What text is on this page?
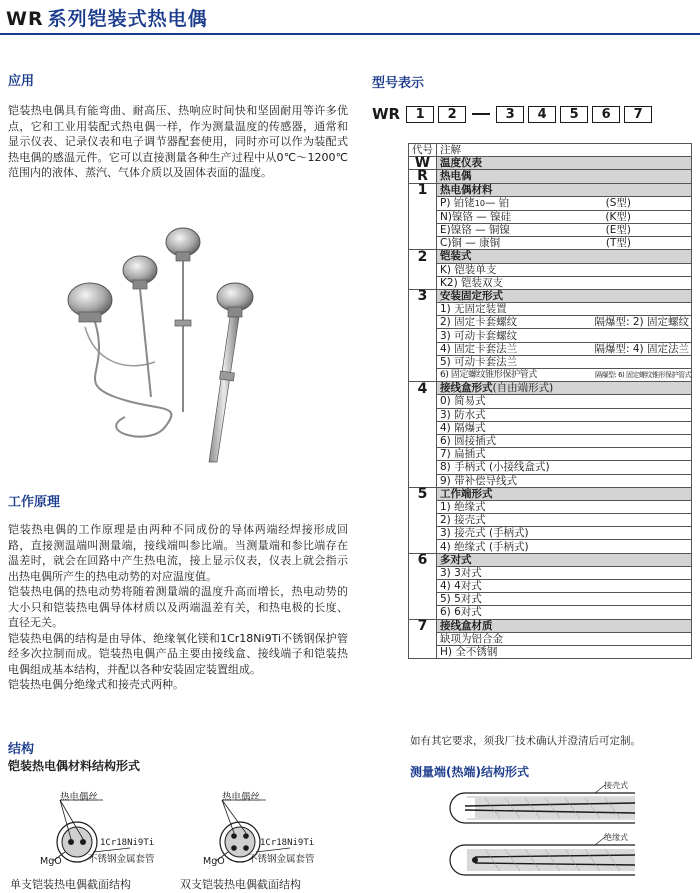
WR 系列铠装式热电偶
应用
铠装热电偶具有能弯曲、耐高压、热响应时间快和坚固耐用等许多优点，它和工业用装配式热电偶一样，作为测量温度的传感器，通常和显示仪表、记录仪表和电子调节器配套使用，同时亦可以作为装配式热电偶的感温元件。它可以直接测量各种生产过程中从0℃～1200℃范围内的液体、蒸汽、气体介质以及固体表面的温度。
工作原理

铠装热电偶的工作原理是由两种不同成份的导体两端经焊接形成回路，直接测温端叫测量端，接线端叫参比端。当测量端和参比端存在温差时，就会在回路中产生热电流，接上显示仪表，仪表上就会指示出热电偶所产生的热电动势的对应温度值。

铠装热电偶的热电动势将随着测量端的温度升高而增长，热电动势的大小只和铠装热电偶导体材质以及两端温差有关，和热电极的长度、直径无关。

铠装热电偶的结构是由导体、绝缘氧化镁和1Cr18Ni9Ti不锈钢保护管经多次拉制而成。铠装热电偶产品主要由接线盒、接线端子和铠装热电偶组成基本结构，并配以各种安装固定装置组成。

铠装热电偶分绝缘式和接壳式两种。

结构
铠装热电偶材料结构形式
热电偶丝
1Cr18Ni9Ti
不锈钢金属套管
MgO
单支铠装热电偶截面结构
热电偶丝
1Cr18Ni9Ti
不锈钢金属套管
MgO
双支铠装热电偶截面结构
型号表示
WR	1	2	3	4	5	6	7
代号	注解
W	温度仪表
R	热电偶
1	热电偶材料
	P) 铂铑10— 铂 (S型)

	N)镍铬 — 镍硅 (K型)

	E)镍铬 — 铜镍 (E型)

	C)铜 — 康铜 (T型)

2	铠装式
	K) 铠装单支
	K2) 铠装双支
3	安装固定形式
	1) 无固定装置
	2) 固定卡套螺纹 隔爆型: 2) 固定螺纹

	3) 可动卡套螺纹
	4) 固定卡套法兰 隔爆型: 4) 固定法兰

	5) 可动卡套法兰
	6) 固定螺纹锥形保护管式 隔爆型: 6) 固定螺纹锥形保护管式

4	接线盒形式(自由端形式)
	0) 简易式
	3) 防水式
	4) 隔爆式
	6) 圆接插式
	7) 扁插式
	8) 手柄式 (小接线盒式)
	9) 带补偿导线式
5	工作端形式
	1) 绝缘式
	2) 接壳式
	3) 接壳式 (手柄式)
	4) 绝缘式 (手柄式)
6	多对式
	3) 3对式
	4) 4对式
	5) 5对式
	6) 6对式
7	接线盒材质
	缺项为铝合金
	H) 全不锈钢
如有其它要求，须我厂技术确认并澄清后可定制。
测量端(热端)结构形式
接壳式
绝缘式
